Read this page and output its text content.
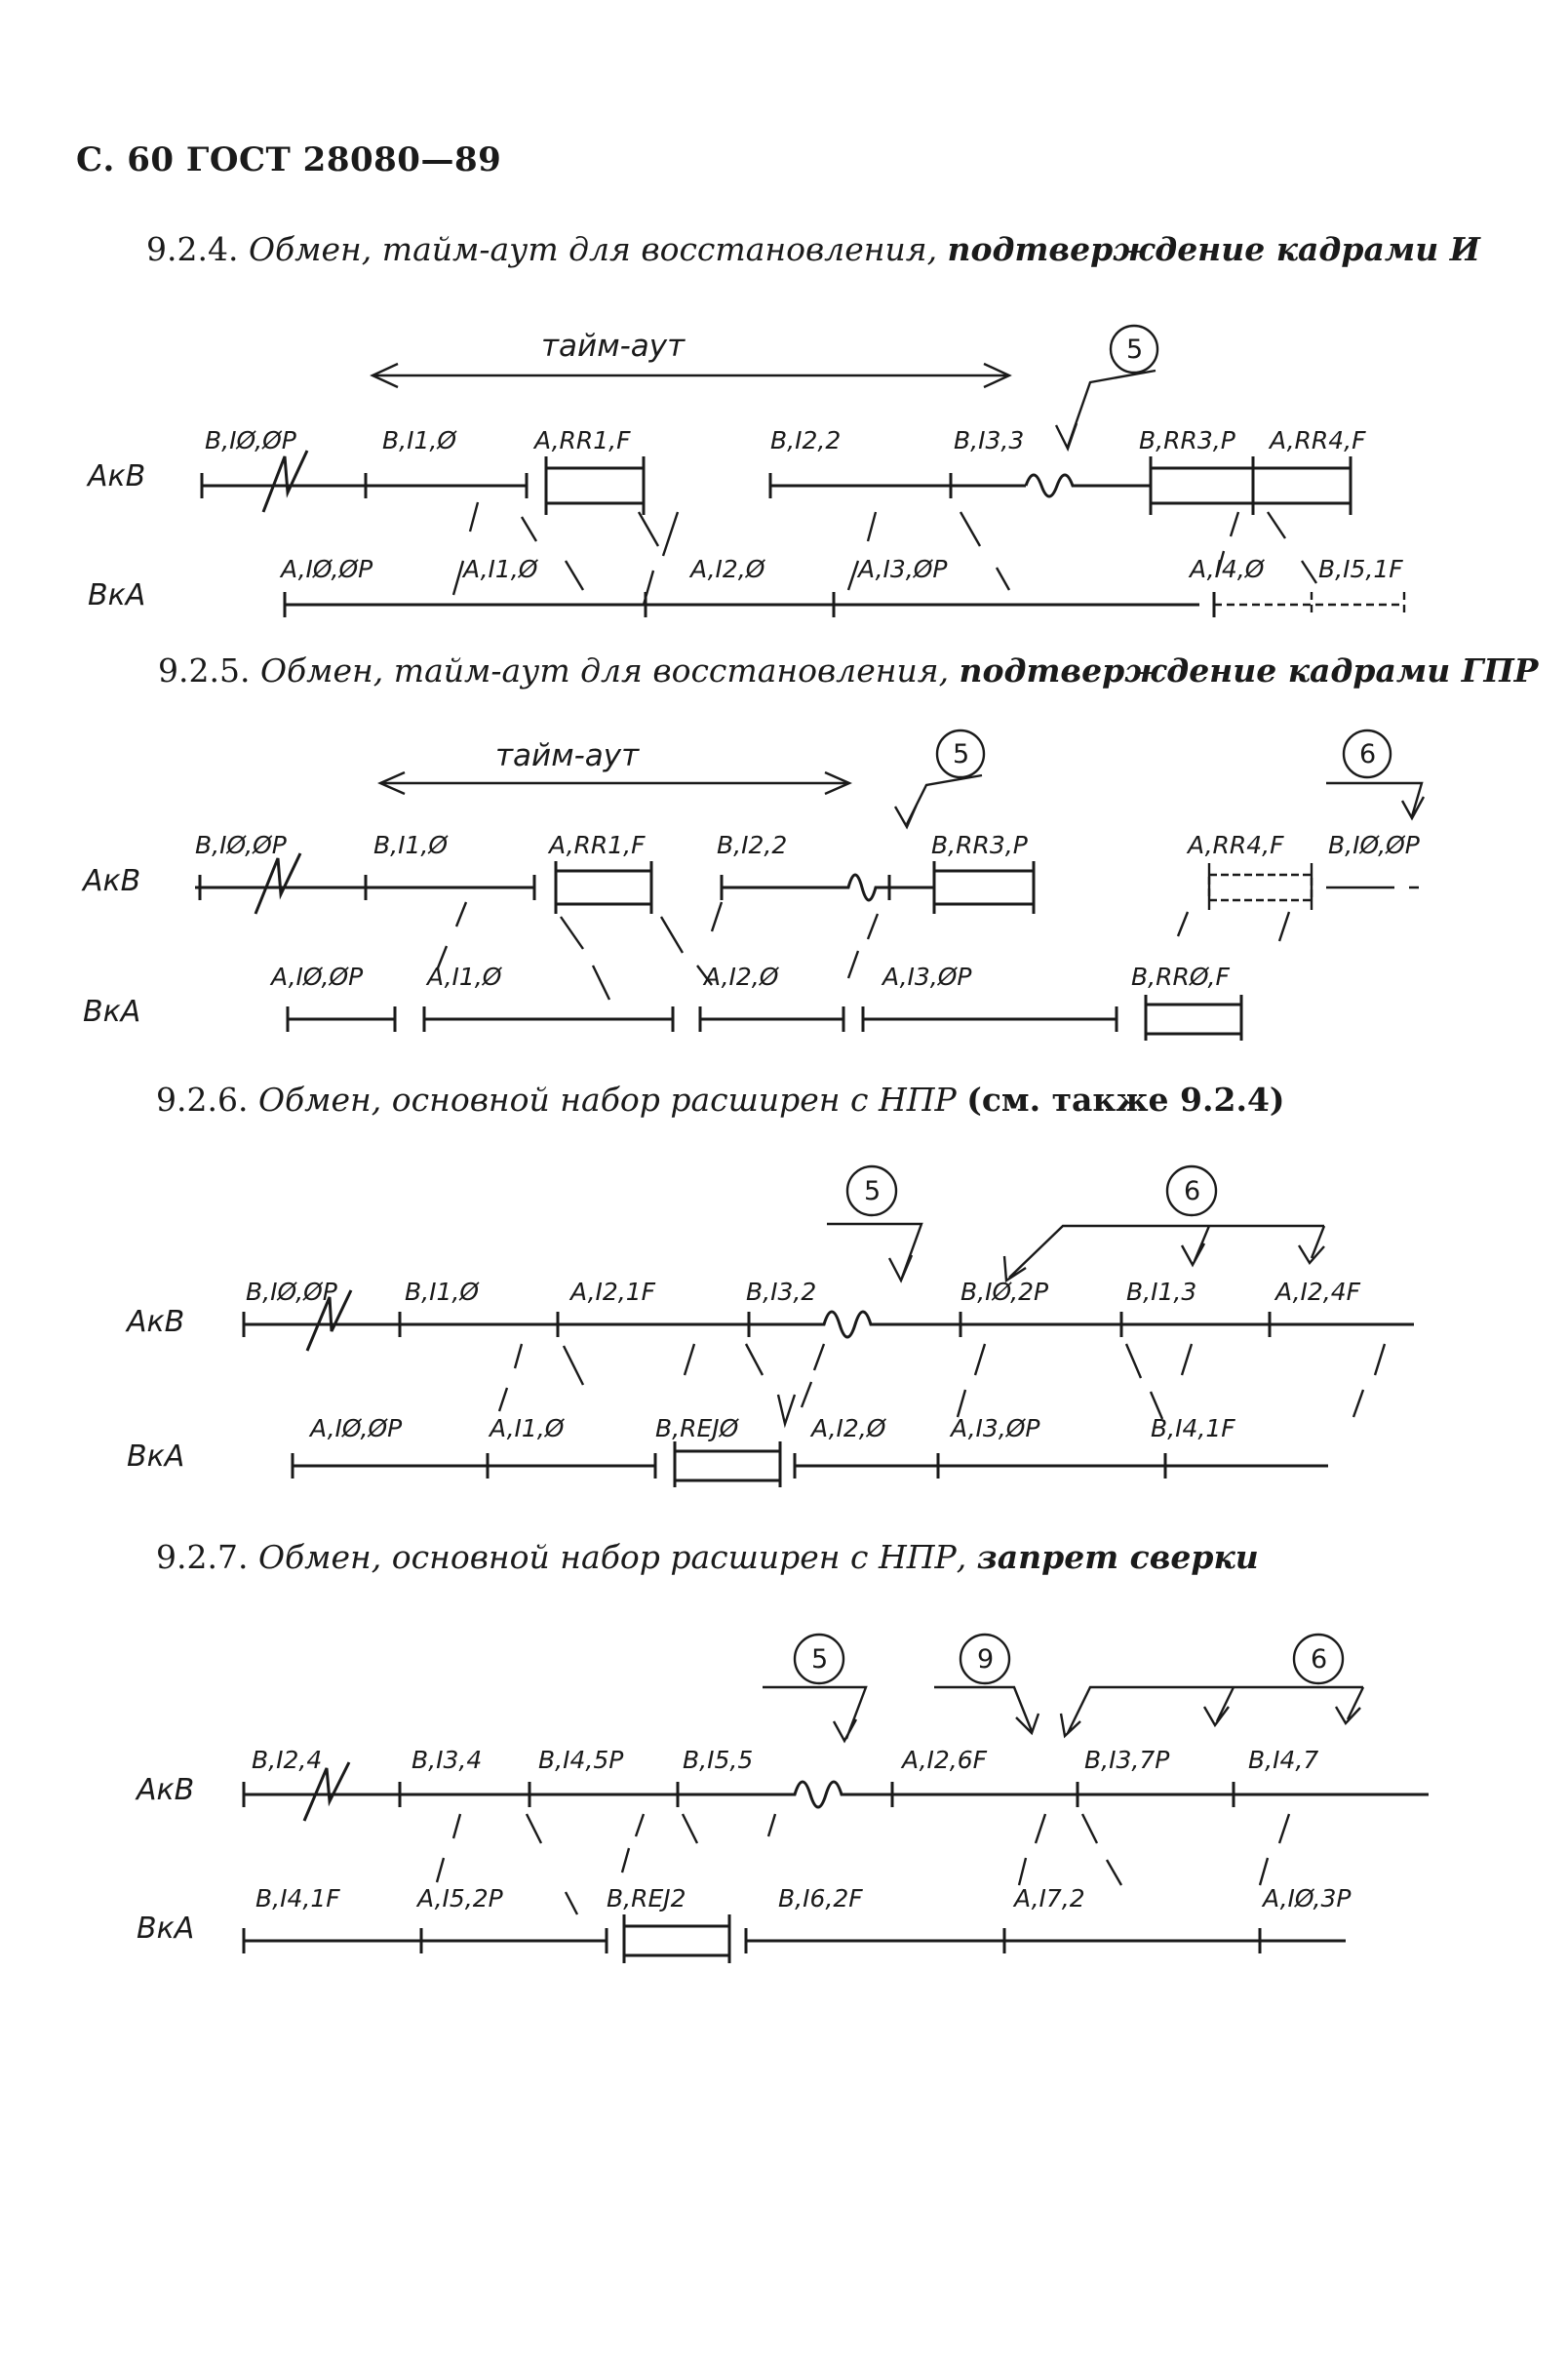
С. 60 ГОСТ 28080—89
9.2.4. Обмен, тайм-аут для восстановления, подтверждение кадрами И
тайм-аут	5
АкВ
ВкА
B,IØ,ØP	B,I1,Ø	A,RR1,F	B,I2,2	B,I3,3	B,RR3,P A,RR4,F
A,IØ,ØP	A,I1,Ø	A,I2,Ø	A,I3,ØP	A,I4,Ø B,I5,1F
9.2.5. Обмен, тайм-аут для восстановления, подтверждение кадрами ГПР
тайм-аут	5	6
АкВ
ВкА
B,IØ,ØP	B,I1,Ø	A,RR1,F	B,I2,2	B,RR3,P	A,RR4,F B,IØ,ØP
A,IØ,ØP	A,I1,Ø	A,I2,Ø	A,I3,ØP	B,RRØ,F
9.2.6. Обмен, основной набор расширен с НПР (см. также 9.2.4)
5	6
АкВ
ВкА
B,IØ,ØP	B,I1,Ø	A,I2,1F	B,I3,2	B,IØ,2P	B,I1,3	A,I2,4F
A,IØ,ØP	A,I1,Ø	B,REJØ	A,I2,Ø	A,I3,ØP	B,I4,1F
9.2.7. Обмен, основной набор расширен с НПР, запрет сверки
5	9	6
АкВ
ВкА
B,I2,4	B,I3,4 B,I4,5P B,I5,5	A,I2,6F	B,I3,7P	B,I4,7
B,I4,1F	A,I5,2P	B,REJ2	B,I6,2F	A,I7,2	A,IØ,3P
